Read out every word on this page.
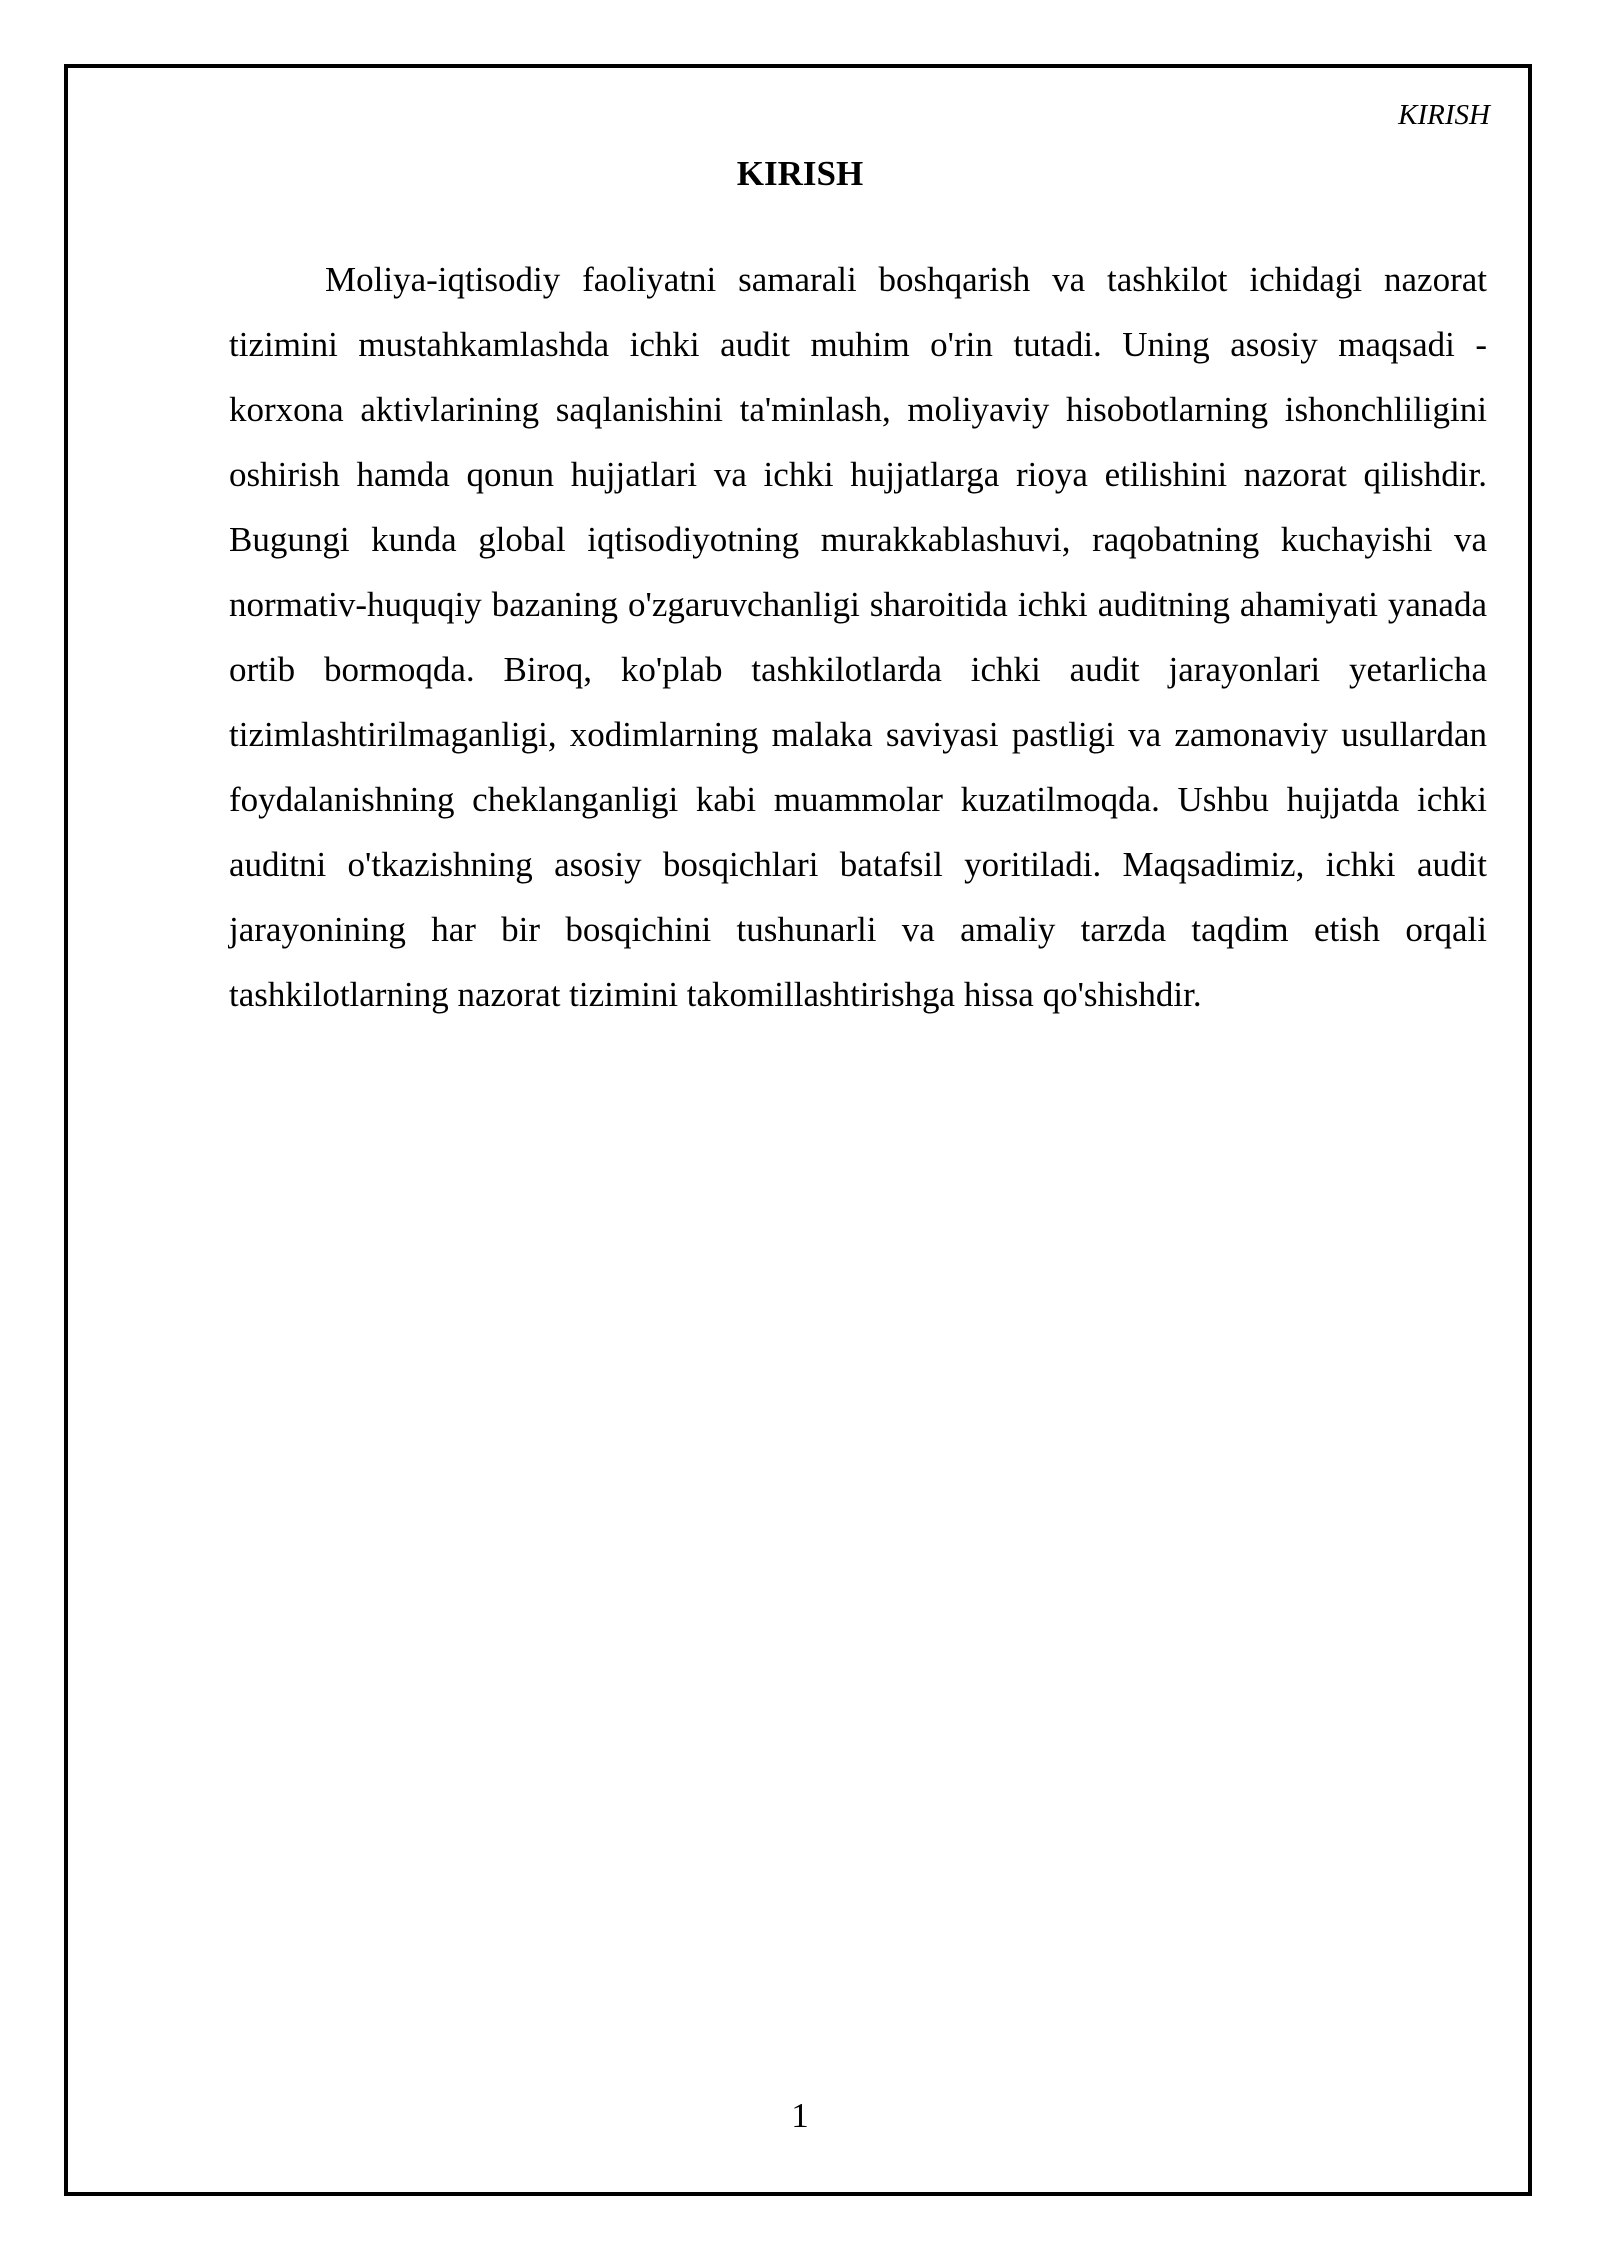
KIRISH

KIRISH

Moliya-iqtisodiy faoliyatni samarali boshqarish va tashkilot ichidagi nazorat tizimini mustahkamlashda ichki audit muhim o'rin tutadi. Uning asosiy maqsadi - korxona aktivlarining saqlanishini ta'minlash, moliyaviy hisobotlarning ishonchliligini oshirish hamda qonun hujjatlari va ichki hujjatlarga rioya etilishini nazorat qilishdir. Bugungi kunda global iqtisodiyotning murakkablashuvi, raqobatning kuchayishi va normativ-huquqiy bazaning o'zgaruvchanligi sharoitida ichki auditning ahamiyati yanada ortib bormoqda. Biroq, ko'plab tashkilotlarda ichki audit jarayonlari yetarlicha tizimlashtirilmaganligi, xodimlarning malaka saviyasi pastligi va zamonaviy usullardan foydalanishning cheklanganligi kabi muammolar kuzatilmoqda. Ushbu hujjatda ichki auditni o'tkazishning asosiy bosqichlari batafsil yoritiladi. Maqsadimiz, ichki audit jarayonining har bir bosqichini tushunarli va amaliy tarzda taqdim etish orqali tashkilotlarning nazorat tizimini takomillashtirishga hissa qo'shishdir.

1
